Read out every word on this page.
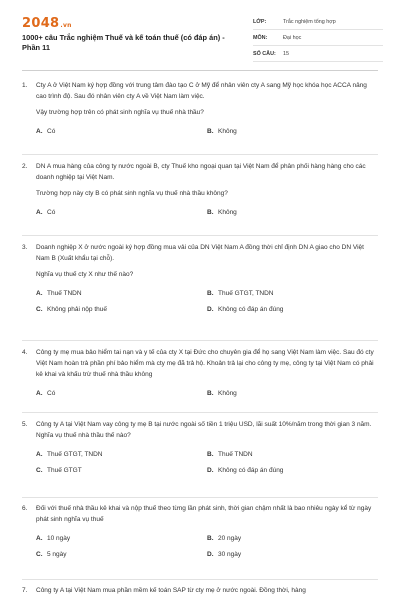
2048.vn
1000+ câu Trắc nghiệm Thuế và kế toán thuế (có đáp án) - Phần 11
LỚP:	Trắc nghiệm tổng hợp
MÔN:	Đại học
SỐ CÂU:	15
1. Cty A ở Việt Nam ký hợp đồng với trung tâm đào tạo C ở Mỹ để nhân viên cty A sang Mỹ học khóa học ACCA nâng cao trình độ. Sau đó nhân viên cty A về Việt Nam làm việc.
Vậy trường hợp trên có phát sinh nghĩa vụ thuế nhà thầu?
A. Có	B. Không
2. DN A mua hàng của công ty nước ngoài B, cty Thuế kho ngoại quan tại Việt Nam để phân phối hàng hàng cho các doanh nghiệp tại Việt Nam.
Trường hợp này cty B có phát sinh nghĩa vụ thuế nhà thầu không?
A. Có	B. Không
3. Doanh nghiệp X ở nước ngoài ký hợp đồng mua vải của DN Việt Nam A đồng thời chỉ định DN A giao cho DN Việt Nam B (Xuất khẩu tại chỗ).
Nghĩa vụ thuế cty X như thế nào?
A. Thuế TNDN	B. Thuế GTGT, TNDN
C. Không phải nộp thuế	D. Không có đáp án đúng
4. Công ty mẹ mua bảo hiểm tai nạn và y tế của cty X tại Đức cho chuyên gia để họ sang Việt Nam làm việc. Sau đó cty Việt Nam hoàn trả phần phí bảo hiểm mà cty mẹ đã trả hộ. Khoản trả lại cho công ty mẹ, công ty tại Việt Nam có phải kê khai và khấu trừ thuế nhà thầu không
A. Có	B. Không
5. Công ty A tại Việt Nam vay công ty mẹ B tại nước ngoài số tiền 1 triệu USD, lãi suất 10%/năm trong thời gian 3 năm. Nghĩa vụ thuế nhà thầu thế nào?
A. Thuế GTGT, TNDN	B. Thuế TNDN
C. Thuế GTGT	D. Không có đáp án đúng
6. Đối với thuế nhà thầu kê khai và nộp thuế theo từng lần phát sinh, thời gian chậm nhất là bao nhiêu ngày kể từ ngày phát sinh nghĩa vụ thuế
A. 10 ngày	B. 20 ngày
C. 5 ngày	D. 30 ngày
7. Công ty A tại Việt Nam mua phần mềm kế toán SAP từ cty mẹ ở nước ngoài. Đồng thời, hàng
